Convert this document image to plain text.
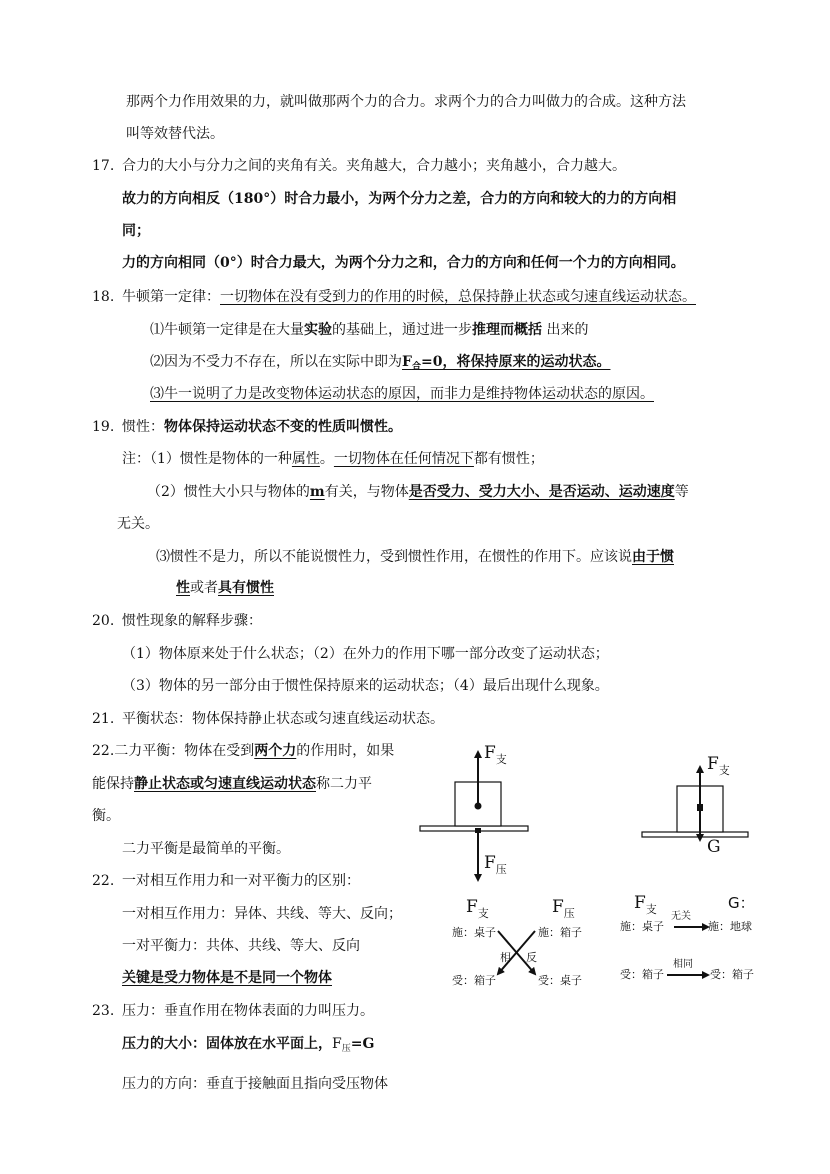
那两个力作用效果的力，就叫做那两个力的合力。求两个力的合力叫做力的合成。这种方法
叫等效替代法。
17. 合力的大小与分力之间的夹角有关。夹角越大，合力越小；夹角越小，合力越大。
故力的方向相反（180°）时合力最小，为两个分力之差，合力的方向和较大的力的方向相
同；
力的方向相同（0°）时合力最大，为两个分力之和，合力的方向和任何一个力的方向相同。
18. 牛顿第一定律：一切物体在没有受到力的作用的时候，总保持静止状态或匀速直线运动状态。
⑴牛顿第一定律是在大量实验的基础上，通过进一步推理而概括 出来的
⑵因为不受力不存在，所以在实际中即为$F_合=0$，将保持原来的运动状态。
⑶牛一说明了力是改变物体运动状态的原因，而非力是维持物体运动状态的原因。
19. 惯性：物体保持运动状态不变的性质叫惯性。
注：（1）惯性是物体的一种属性。一切物体在任何情况下都有惯性；
（2）惯性大小只与物体的m有关，与物体是否受力、受力大小、是否运动、运动速度等
无关。
⑶惯性不是力，所以不能说惯性力，受到惯性作用，在惯性的作用下。应该说由于惯
性或者具有惯性
20. 惯性现象的解释步骤：
（1）物体原来处于什么状态；（2）在外力的作用下哪一部分改变了运动状态；
（3）物体的另一部分由于惯性保持原来的运动状态；（4）最后出现什么现象。
21. 平衡状态：物体保持静止状态或匀速直线运动状态。
22.二力平衡：物体在受到两个力的作用时，如果
能保持静止状态或匀速直线运动状态称二力平
衡。
二力平衡是最简单的平衡。
22. 一对相互作用力和一对平衡力的区别：
一对相互作用力：异体、共线、等大、反向；
一对平衡力：共体、共线、等大、反向
关键是受力物体是不是同一个物体
23. 压力：垂直作用在物体表面的力叫压力。
压力的大小：固体放在水平面上，$F_压=G$
压力的方向：垂直于接触面且指向受压物体
F支
F压
F支
G
F支	F压
施：桌子	施：箱子
相 反
受：箱子	受：桌子
F支	G：
施：桌子
无关
施：地球
受：箱子
相同
受：箱子
